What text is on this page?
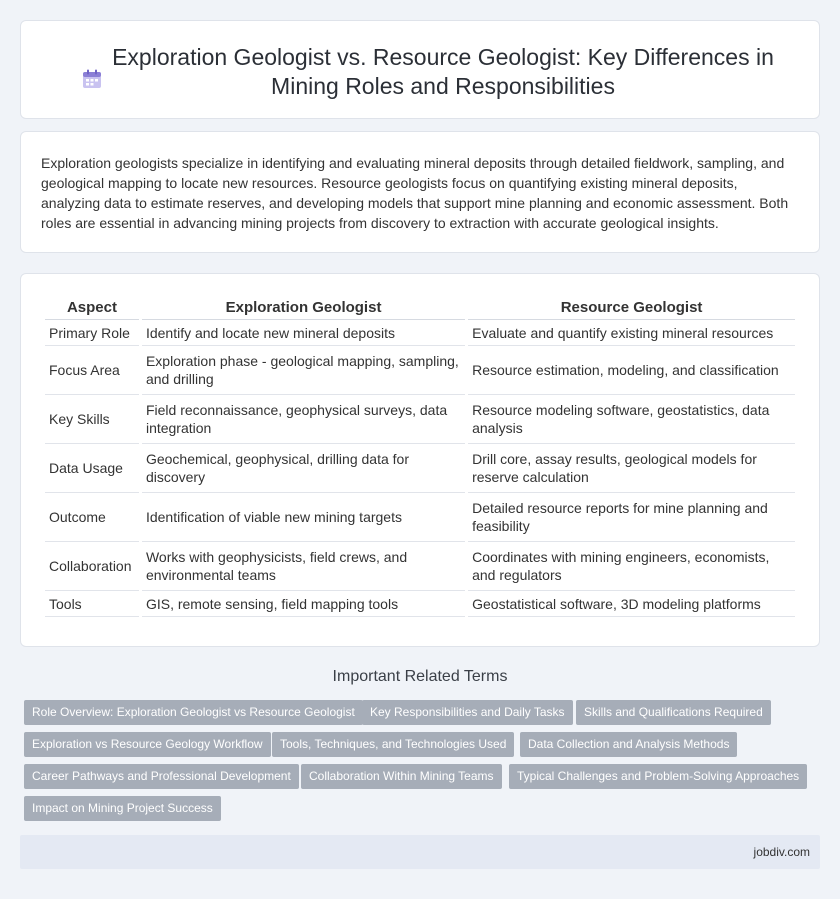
Exploration Geologist vs. Resource Geologist: Key Differences in Mining Roles and Responsibilities

Exploration geologists specialize in identifying and evaluating mineral deposits through detailed fieldwork, sampling, and geological mapping to locate new resources. Resource geologists focus on quantifying existing mineral deposits, analyzing data to estimate reserves, and developing models that support mine planning and economic assessment. Both roles are essential in advancing mining projects from discovery to extraction with accurate geological insights.

Aspect	Exploration Geologist	Resource Geologist
Primary Role	Identify and locate new mineral deposits	Evaluate and quantify existing mineral resources
Focus Area	Exploration phase - geological mapping, sampling, and drilling	Resource estimation, modeling, and classification
Key Skills	Field reconnaissance, geophysical surveys, data integration	Resource modeling software, geostatistics, data analysis
Data Usage	Geochemical, geophysical, drilling data for discovery	Drill core, assay results, geological models for reserve calculation
Outcome	Identification of viable new mining targets	Detailed resource reports for mine planning and feasibility
Collaboration	Works with geophysicists, field crews, and environmental teams	Coordinates with mining engineers, economists, and regulators
Tools	GIS, remote sensing, field mapping tools	Geostatistical software, 3D modeling platforms
Important Related Terms
Role Overview: Exploration Geologist vs Resource Geologist	Key Responsibilities and Daily Tasks	Skills and Qualifications Required
Exploration vs Resource Geology Workflow	Tools, Techniques, and Technologies Used	Data Collection and Analysis Methods
Career Pathways and Professional Development	Collaboration Within Mining Teams	Typical Challenges and Problem-Solving Approaches
Impact on Mining Project Success
jobdiv.com
